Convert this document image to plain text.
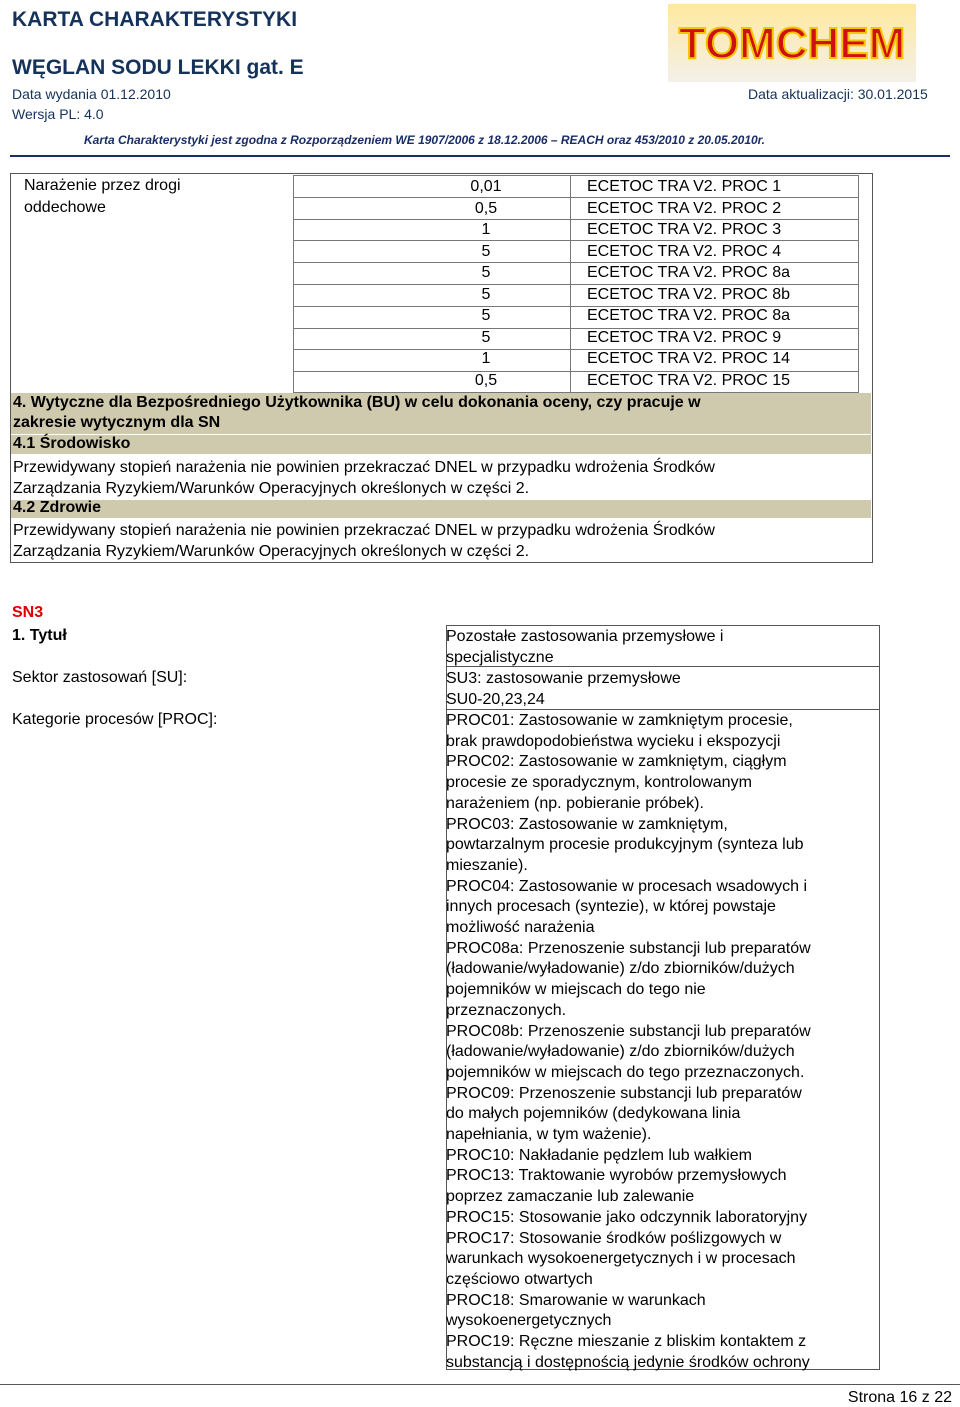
KARTA CHARAKTERYSTYKI
WĘGLAN SODU LEKKI gat. E
Data wydania 01.12.2010	Data aktualizacji: 30.01.2015
Wersja PL: 4.0
TOMCHEM
Karta Charakterystyki jest zgodna z Rozporządzeniem WE 1907/2006 z 18.12.2006 – REACH oraz 453/2010 z 20.05.2010r.
Narażenie przez drogi
oddechowe
0,01
0,5
1
5
5
5
5
5
1
0,5
ECETOC TRA V2. PROC 1
ECETOC TRA V2. PROC 2
ECETOC TRA V2. PROC 3
ECETOC TRA V2. PROC 4
ECETOC TRA V2. PROC 8a
ECETOC TRA V2. PROC 8b
ECETOC TRA V2. PROC 8a
ECETOC TRA V2. PROC 9
ECETOC TRA V2. PROC 14
ECETOC TRA V2. PROC 15
4. Wytyczne dla Bezpośredniego Użytkownika (BU) w celu dokonania oceny, czy pracuje w
zakresie wytycznym dla SN
4.1 Środowisko
Przewidywany stopień narażenia nie powinien przekraczać DNEL w przypadku wdrożenia Środków
Zarządzania Ryzykiem/Warunków Operacyjnych określonych w części 2.
4.2 Zdrowie
Przewidywany stopień narażenia nie powinien przekraczać DNEL w przypadku wdrożenia Środków
Zarządzania Ryzykiem/Warunków Operacyjnych określonych w części 2.
SN3
1. Tytuł
Sektor zastosowań [SU]:
Kategorie procesów [PROC]:
Pozostałe zastosowania przemysłowe i
specjalistyczne
SU3: zastosowanie przemysłowe
SU0-20,23,24
PROC01: Zastosowanie w zamkniętym procesie,
brak prawdopodobieństwa wycieku i ekspozycji
PROC02: Zastosowanie w zamkniętym, ciągłym
procesie ze sporadycznym, kontrolowanym
narażeniem (np. pobieranie próbek).
PROC03: Zastosowanie w zamkniętym,
powtarzalnym procesie produkcyjnym (synteza lub
mieszanie).
PROC04: Zastosowanie w procesach wsadowych i
innych procesach (syntezie), w której powstaje
możliwość narażenia
PROC08a: Przenoszenie substancji lub preparatów
(ładowanie/wyładowanie) z/do zbiorników/dużych
pojemników w miejscach do tego nie
przeznaczonych.
PROC08b: Przenoszenie substancji lub preparatów
(ładowanie/wyładowanie) z/do zbiorników/dużych
pojemników w miejscach do tego przeznaczonych.
PROC09: Przenoszenie substancji lub preparatów
do małych pojemników (dedykowana linia
napełniania, w tym ważenie).
PROC10: Nakładanie pędzlem lub wałkiem
PROC13: Traktowanie wyrobów przemysłowych
poprzez zamaczanie lub zalewanie
PROC15: Stosowanie jako odczynnik laboratoryjny
PROC17: Stosowanie środków poślizgowych w
warunkach wysokoenergetycznych i w procesach
częściowo otwartych
PROC18: Smarowanie w warunkach
wysokoenergetycznych
PROC19: Ręczne mieszanie z bliskim kontaktem z
substancją i dostępnością jedynie środków ochrony
Strona 16 z 22
